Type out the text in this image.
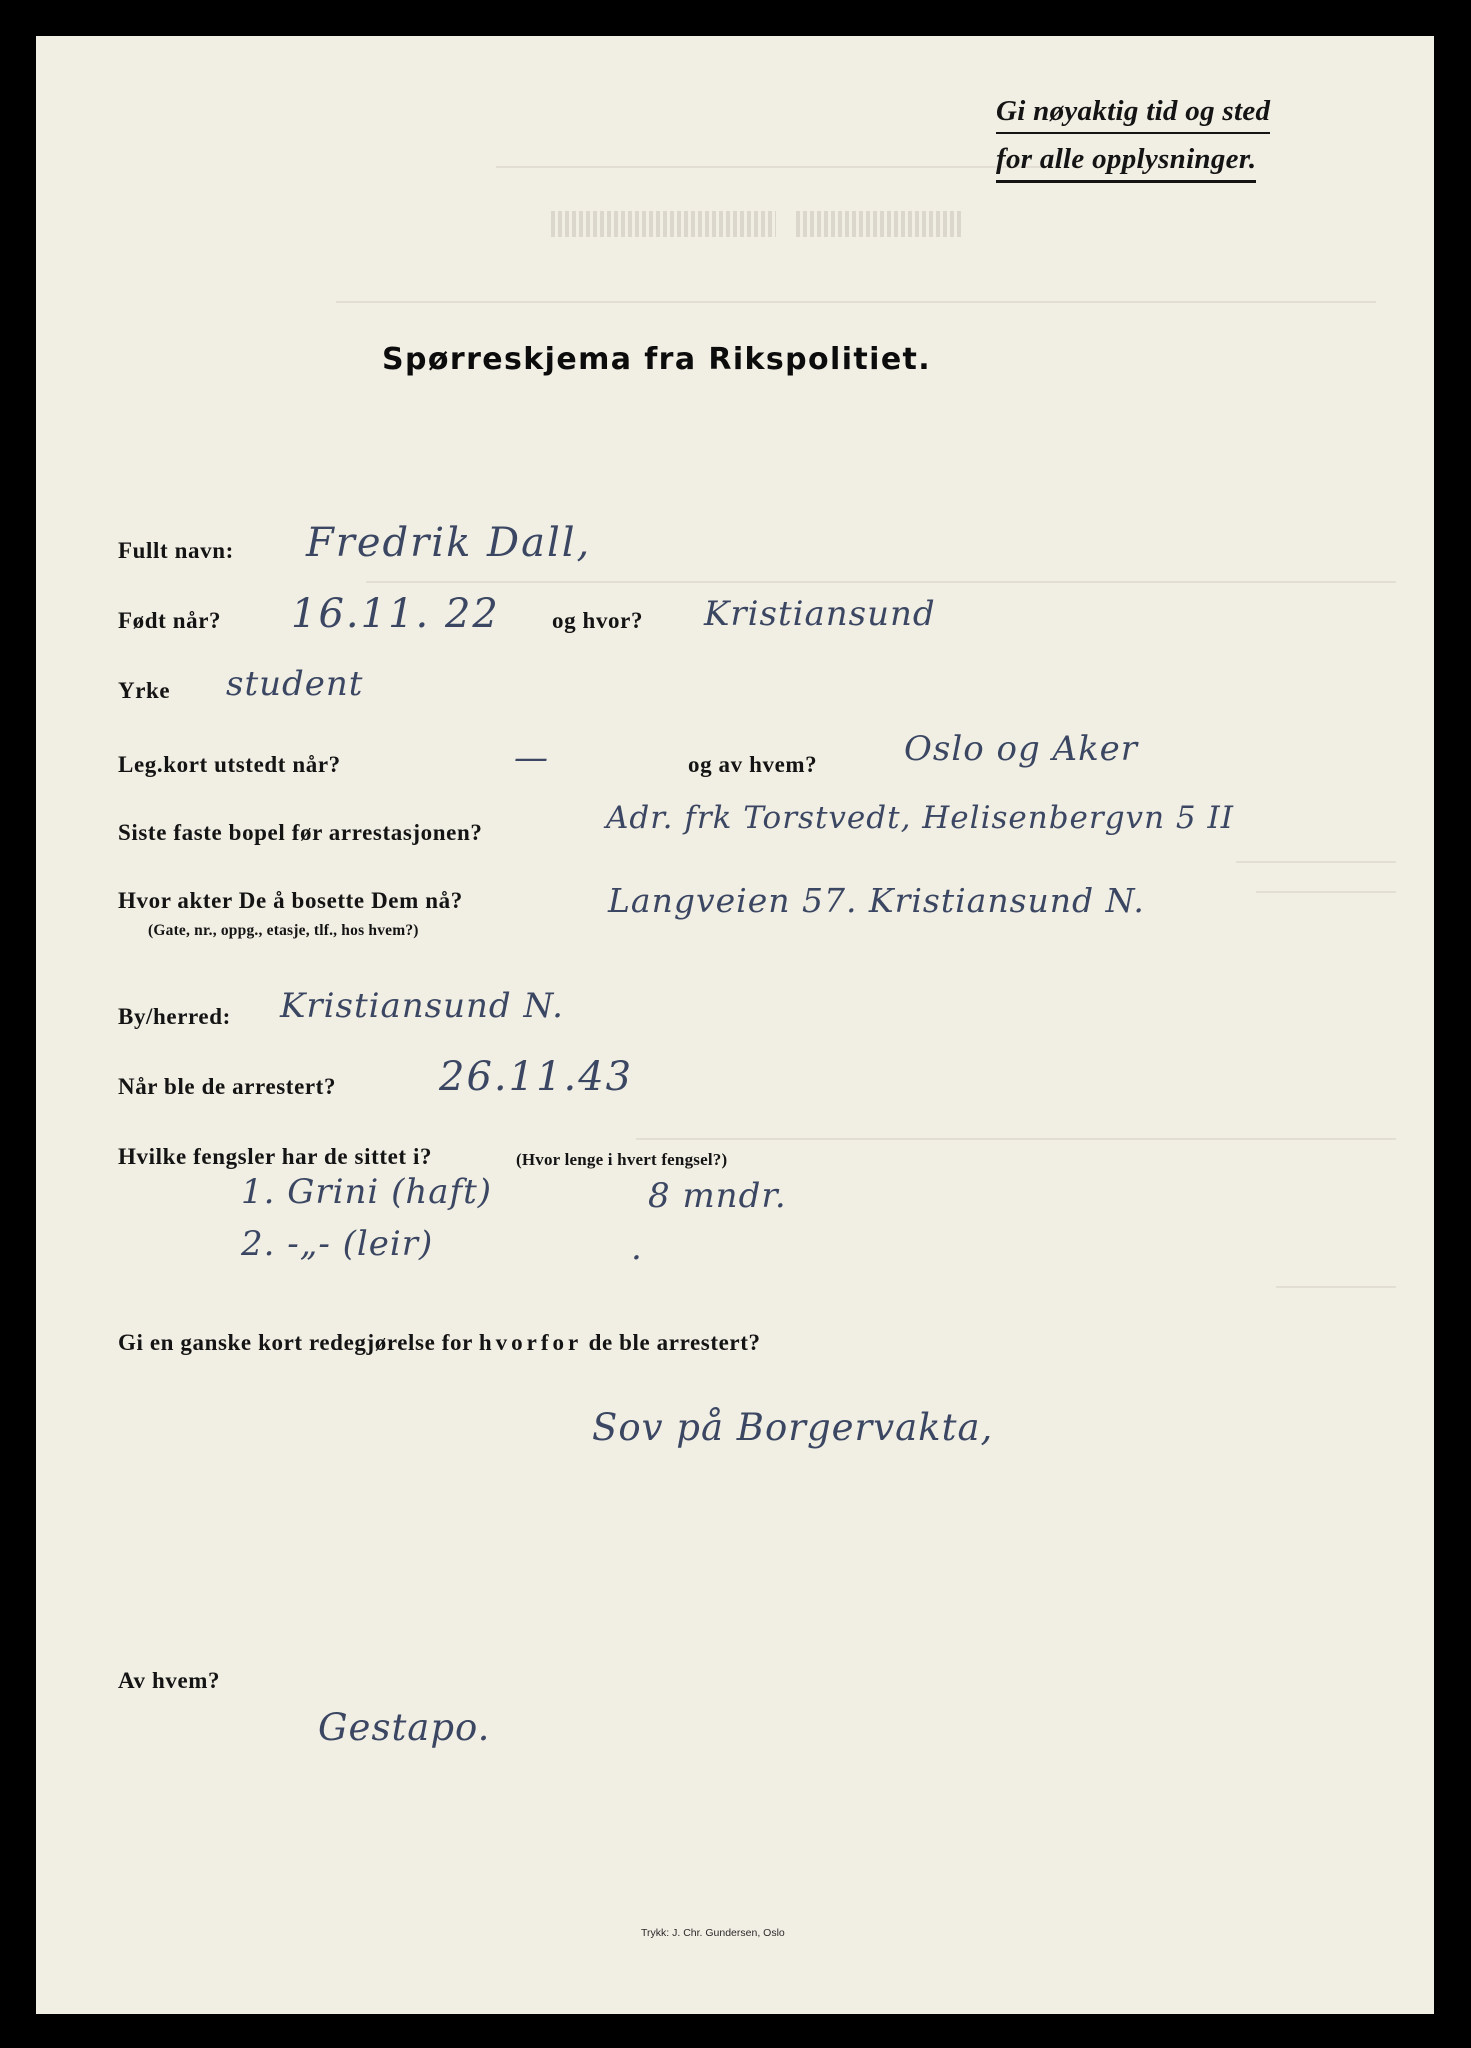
Gi nøyaktig tid og sted
for alle opplysninger.
Spørreskjema fra Rikspolitiet.
Fullt navn: Fredrik Dall,
Født når? 16.11. 22 og hvor? Kristiansund
Yrke student
Leg.kort utstedt når?	—	og av hvem?	Oslo og Aker
Siste faste bopel før arrestasjonen?	Adr. frk Torstvedt, Helisenbergvn 5 II
Hvor akter De å bosette Dem nå?
(Gate, nr., oppg., etasje, tlf., hos hvem?)
Langveien 57. Kristiansund N.
By/herred: Kristiansund N.
Når ble de arrestert?	26.11.43
Hvilke fengsler har de sittet i?	(Hvor lenge i hvert fengsel?)
1. Grini (haft)	8 mndr.
2. -„- (leir)	.
Gi en ganske kort redegjørelse for hvorfor de ble arrestert?
Sov på Borgervakta,
Av hvem?
Gestapo.
Trykk: J. Chr. Gundersen, Oslo
